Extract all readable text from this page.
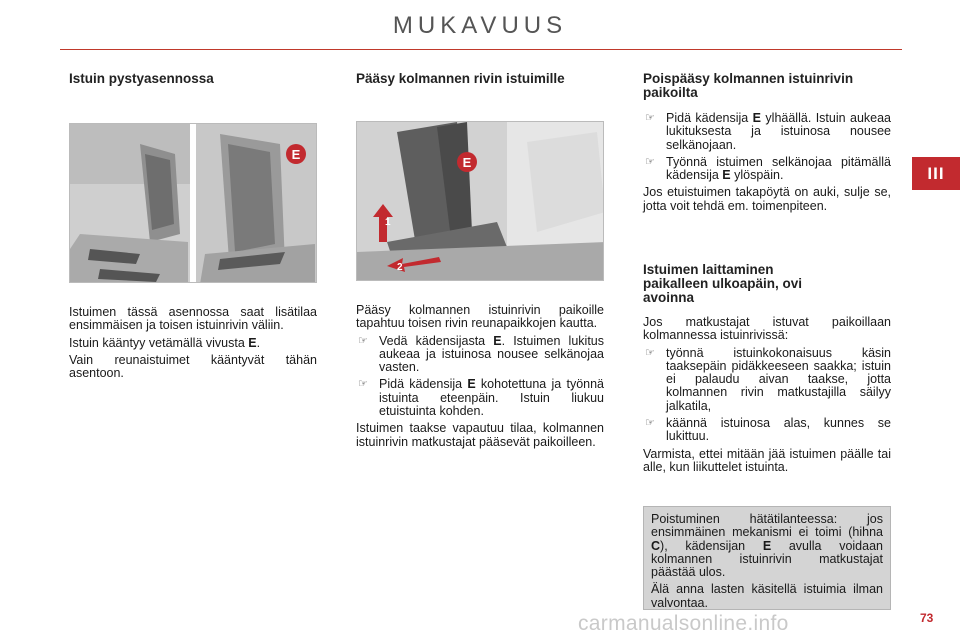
MUKAVUUS
III
Istuin pystyasennossa
E

Istuimen tässä asennossa saat lisätilaa ensimmäisen ja toisen istuinrivin väliin.

Istuin kääntyy vetämällä vivusta E.

Vain reunaistuimet kääntyvät tähän asentoon.

Pääsy kolmannen rivin istuimille
1
2
E

Pääsy kolmannen istuinrivin paikoille tapahtuu toisen rivin reunapaikkojen kautta.

☞ Vedä kädensijasta E. Istuimen lukitus aukeaa ja istuinosa nousee selkänojaa vasten.
☞ Pidä kädensija E kohotettuna ja työnnä istuinta eteenpäin. Istuin liukuu etuistuinta kohden.

Istuimen taakse vapautuu tilaa, kolmannen istuinrivin matkustajat pääsevät paikoilleen.

Poispääsy kolmannen istuinrivin paikoilta
☞ Pidä kädensija E ylhäällä. Istuin aukeaa lukituksesta ja istuinosa nousee selkänojaan.
☞ Työnnä istuimen selkänojaa pitämällä kädensija E ylöspäin.

Jos etuistuimen takapöytä on auki, sulje se, jotta voit tehdä em. toimenpiteen.

Istuimen laittaminen paikalleen ulkoapäin, ovi avoinna

Jos matkustajat istuvat paikoillaan kolmannessa istuinrivissä:

☞ työnnä istuinkokonaisuus käsin taaksepäin pidäkkeeseen saakka; istuin ei palaudu aivan taakse, jotta kolmannen rivin matkustajilla säilyy jalkatila,
☞ käännä istuinosa alas, kunnes se lukittuu.

Varmista, ettei mitään jää istuimen päälle tai alle, kun liikuttelet istuinta.

Poistuminen hätätilanteessa: jos ensimmäinen mekanismi ei toimi (hihna C), kädensijan E avulla voidaan kolmannen istuinrivin matkustajat päästää ulos.

Älä anna lasten käsitellä istuimia ilman valvontaa.

carmanualsonline.info	73
